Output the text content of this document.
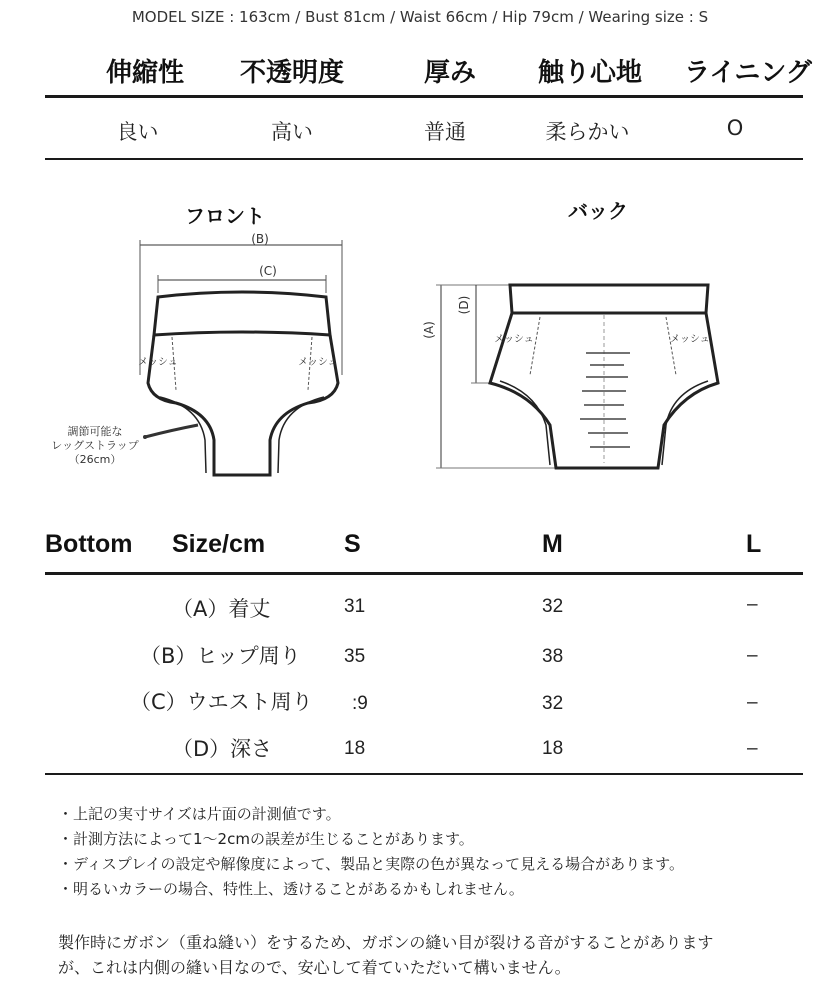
MODEL SIZE : 163cm / Bust 81cm / Waist 66cm / Hip 79cm / Wearing size : S
伸縮性	不透明度	厚み	触り心地	ライニング
良い	高い	普通	柔らかい	O
フロント	バック
(B)
(C)
メッシュ	メッシュ
(A)
(D)
メッシュ	メッシュ
調節可能な
レッグストラップ
（26cm）
Bottom Size/cm	S	M	L
（A）着丈	31	32	–
（B）ヒップ周り 35	38	–
（C）ウエスト周り :9	32	–
（D）深さ	18	18	–
・上記の実寸サイズは片面の計測値です。
・計測方法によって1〜2cmの誤差が生じることがあります。
・ディスプレイの設定や解像度によって、製品と実際の色が異なって見える場合があります。
・明るいカラーの場合、特性上、透けることがあるかもしれません。
製作時にガボン（重ね縫い）をするため、ガボンの縫い目が裂ける音がすることがあります
が、これは内側の縫い目なので、安心して着ていただいて構いません。
